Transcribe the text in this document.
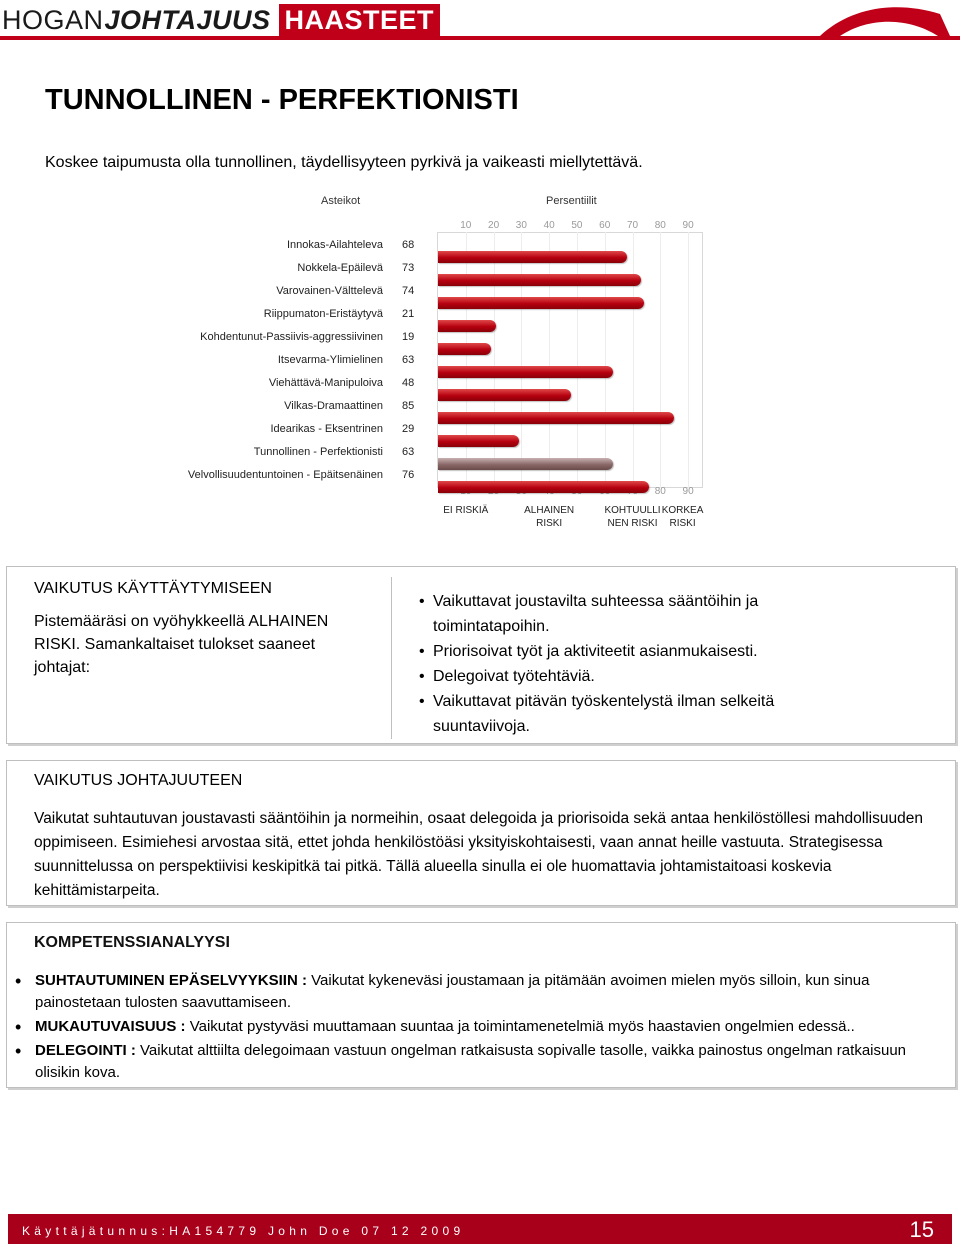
HOGAN JOHTAJUUS HAASTEET
TUNNOLLINEN - PERFEKTIONISTI

Koskee taipumusta olla tunnollinen, täydellisyyteen pyrkivä ja vaikeasti miellytettävä.

Asteikot	Persentiilit
10	20	30	40	50	60	70	80
80
90
90
Innokas-Ailahteleva 68
Nokkela-Epäilevä 73
Varovainen-Välttelevä 74
Riippumaton-Eristäytyvä 21
Kohdentunut-Passiivis-aggressiivinen 19
Itsevarma-Ylimielinen 63
Viehättävä-Manipuloiva 48
Vilkas-Dramaattinen 85
Idearikas - Eksentrinen 29
Tunnollinen - Perfektionisti 63
Velvollisuudentuntoinen - Epäitsenäinen 76
EI RISKIÄ	ALHAINEN RISKI
KOHTUULLI NEN RISKI
KORKEA RISKI
VAIKUTUS KÄYTTÄYTYMISEEN

Pistemääräsi on vyöhykkeellä ALHAINEN RISKI. Samankaltaiset tulokset saaneet johtajat:

• Vaikuttavat joustavilta suhteessa sääntöihin ja toimintatapoihin.
• Priorisoivat työt ja aktiviteetit asianmukaisesti.
• Delegoivat työtehtäviä.
• Vaikuttavat pitävän työskentelystä ilman selkeitä suuntaviivoja.
VAIKUTUS JOHTAJUUTEEN

Vaikutat suhtautuvan joustavasti sääntöihin ja normeihin, osaat delegoida ja priorisoida sekä antaa henkilöstöllesi mahdollisuuden oppimiseen. Esimiehesi arvostaa sitä, ettet johda henkilöstöäsi yksityiskohtaisesti, vaan annat heille vastuuta. Strategisessa suunnittelussa on perspektiivisi keskipitkä tai pitkä. Tällä alueella sinulla ei ole huomattavia johtamistaitoasi koskevia kehittämistarpeita.

KOMPETENSSIANALYYSI
• SUHTAUTUMINEN EPÄSELVYYKSIIN : Vaikutat kykeneväsi joustamaan ja pitämään avoimen mielen myös silloin, kun sinua painostetaan tulosten saavuttamiseen.
• MUKAUTUVAISUUS : Vaikutat pystyväsi muuttamaan suuntaa ja toimintamenetelmiä myös haastavien ongelmien edessä..
• DELEGOINTI : Vaikutat alttiilta delegoimaan vastuun ongelman ratkaisusta sopivalle tasolle, vaikka painostus ongelman ratkaisuun olisikin kova.
Käyttäjätunnus:HA154779 John Doe 07 12 2009	15
